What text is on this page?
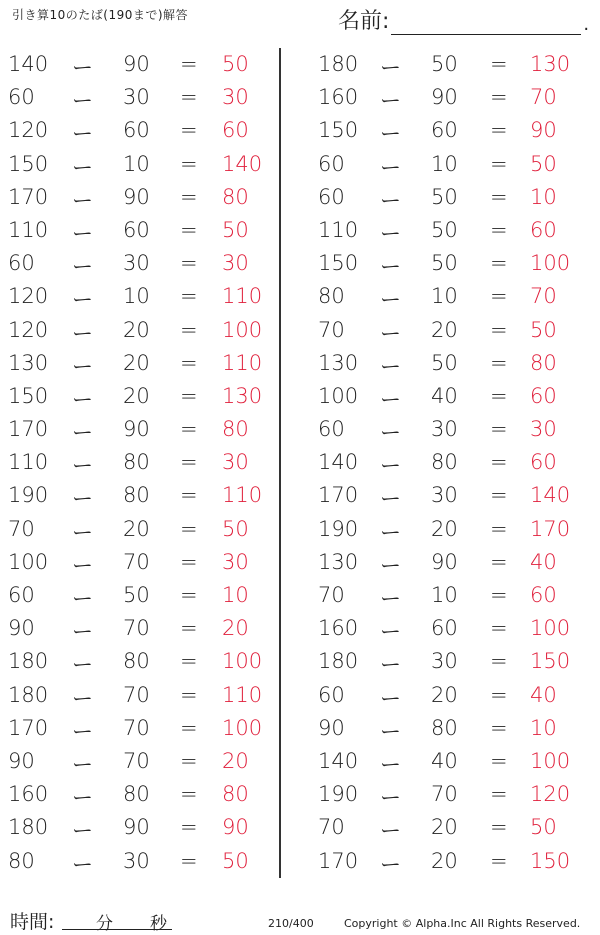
引き算10のたば(190まで)解答	名前:	.
140 ー 90 = 50
60 ー 30 = 30
120 ー 60 = 60
150 ー 10 = 140
170 ー 90 = 80
110 ー 60 = 50
60 ー 30 = 30
120 ー 10 = 110
120 ー 20 = 100
130 ー 20 = 110
150 ー 20 = 130
170 ー 90 = 80
110 ー 80 = 30
190 ー 80 = 110
70 ー 20 = 50
100 ー 70 = 30
60 ー 50 = 10
90 ー 70 = 20
180 ー 80 = 100
180 ー 70 = 110
170 ー 70 = 100
90 ー 70 = 20
160 ー 80 = 80
180 ー 90 = 90
80 ー 30 = 50
180 ー 50 = 130
160 ー 90 = 70
150 ー 60 = 90
60 ー 10 = 50
60 ー 50 = 10
110 ー 50 = 60
150 ー 50 = 100
80 ー 10 = 70
70 ー 20 = 50
130 ー 50 = 80
100 ー 40 = 60
60 ー 30 = 30
140 ー 80 = 60
170 ー 30 = 140
190 ー 20 = 170
130 ー 90 = 40
70 ー 10 = 60
160 ー 60 = 100
180 ー 30 = 150
60 ー 20 = 40
90 ー 80 = 10
140 ー 40 = 100
190 ー 70 = 120
70 ー 20 = 50
170 ー 20 = 150
時間: 分 秒	210/400	Copyright © Alpha.Inc All Rights Reserved.
